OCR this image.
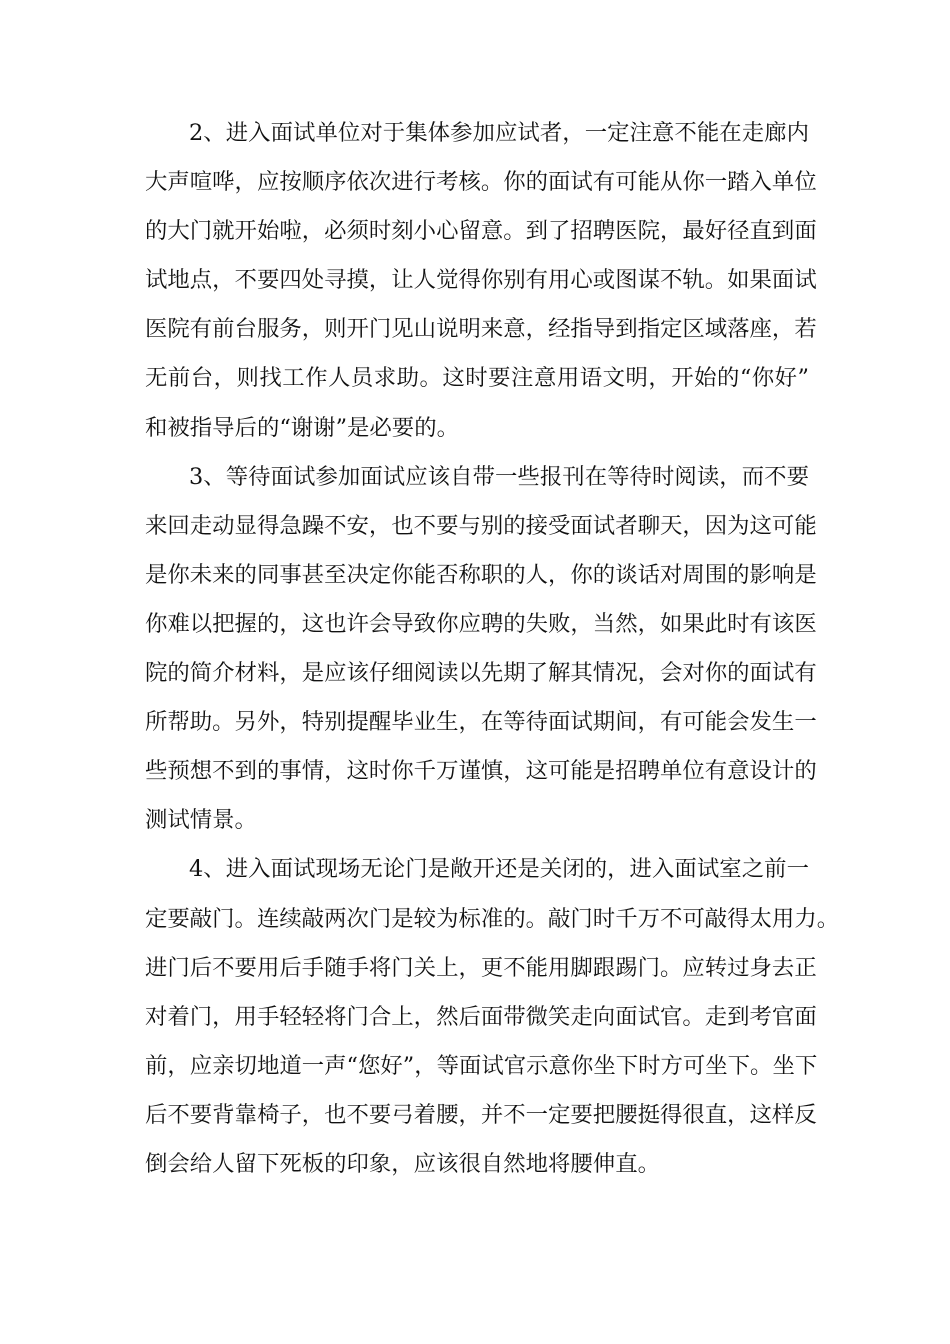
2、进入面试单位对于集体参加应试者，一定注意不能在走廊内
大声喧哗，应按顺序依次进行考核。你的面试有可能从你一踏入单位
的大门就开始啦，必须时刻小心留意。到了招聘医院，最好径直到面
试地点，不要四处寻摸，让人觉得你别有用心或图谋不轨。如果面试
医院有前台服务，则开门见山说明来意，经指导到指定区域落座，若
无前台，则找工作人员求助。这时要注意用语文明，开始的“你好”
和被指导后的“谢谢”是必要的。
3、等待面试参加面试应该自带一些报刊在等待时阅读，而不要
来回走动显得急躁不安，也不要与别的接受面试者聊天，因为这可能
是你未来的同事甚至决定你能否称职的人，你的谈话对周围的影响是
你难以把握的，这也许会导致你应聘的失败，当然，如果此时有该医
院的简介材料，是应该仔细阅读以先期了解其情况，会对你的面试有
所帮助。另外，特别提醒毕业生，在等待面试期间，有可能会发生一
些预想不到的事情，这时你千万谨慎，这可能是招聘单位有意设计的
测试情景。
4、进入面试现场无论门是敞开还是关闭的，进入面试室之前一
定要敲门。连续敲两次门是较为标准的。敲门时千万不可敲得太用力。
进门后不要用后手随手将门关上，更不能用脚跟踢门。应转过身去正
对着门，用手轻轻将门合上，然后面带微笑走向面试官。走到考官面
前，应亲切地道一声“您好”，等面试官示意你坐下时方可坐下。坐下
后不要背靠椅子，也不要弓着腰，并不一定要把腰挺得很直，这样反
倒会给人留下死板的印象，应该很自然地将腰伸直。
